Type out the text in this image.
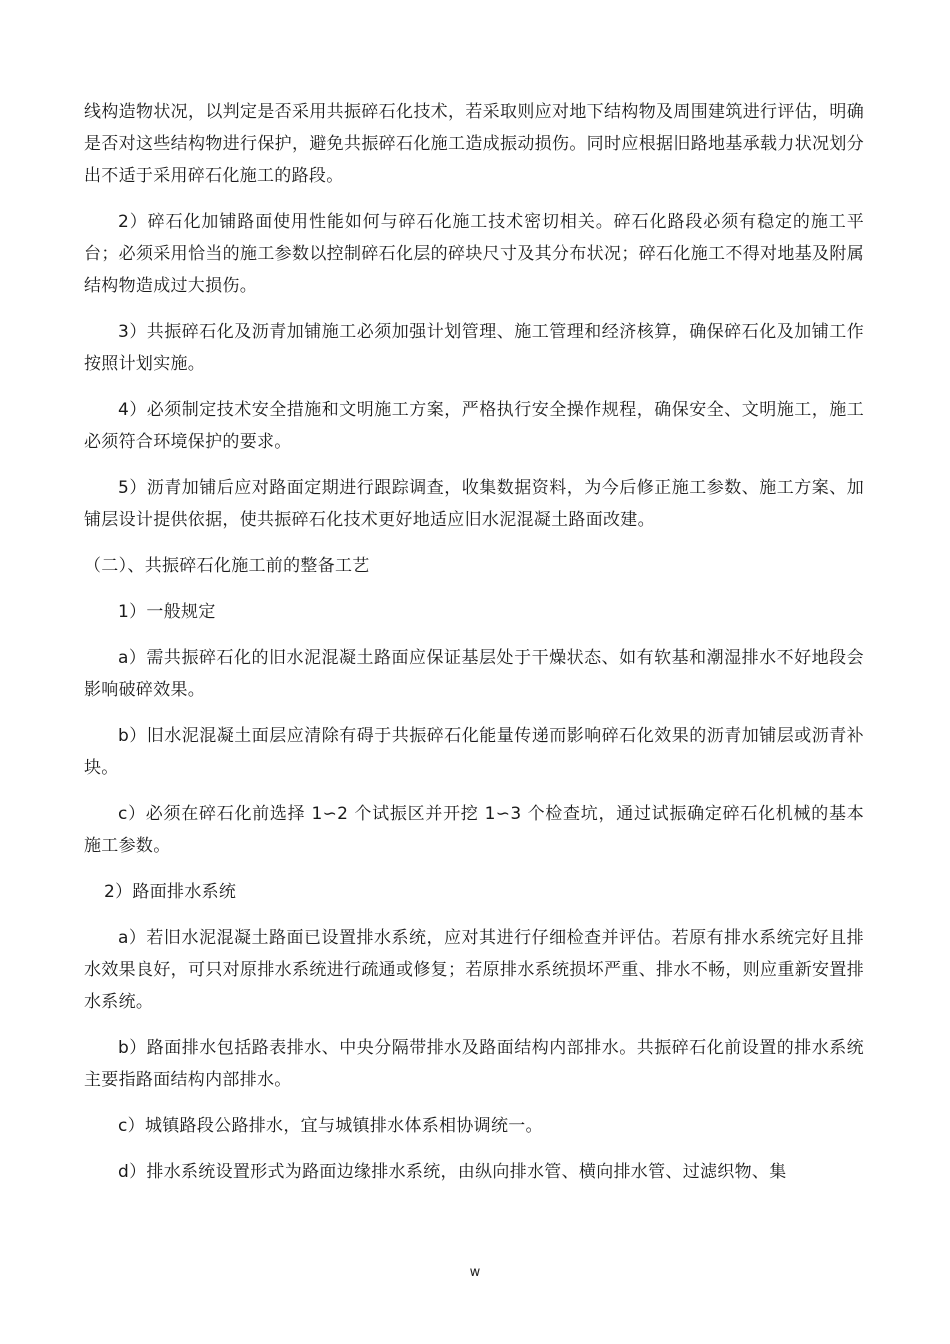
线构造物状况，以判定是否采用共振碎石化技术，若采取则应对地下结构物及周围建筑进行评估，明确是否对这些结构物进行保护，避免共振碎石化施工造成振动损伤。同时应根据旧路地基承载力状况划分出不适于采用碎石化施工的路段。

2）碎石化加铺路面使用性能如何与碎石化施工技术密切相关。碎石化路段必须有稳定的施工平台；必须采用恰当的施工参数以控制碎石化层的碎块尺寸及其分布状况；碎石化施工不得对地基及附属结构物造成过大损伤。

3）共振碎石化及沥青加铺施工必须加强计划管理、施工管理和经济核算，确保碎石化及加铺工作按照计划实施。

4）必须制定技术安全措施和文明施工方案，严格执行安全操作规程，确保安全、文明施工，施工必须符合环境保护的要求。

5）沥青加铺后应对路面定期进行跟踪调查，收集数据资料，为今后修正施工参数、施工方案、加铺层设计提供依据，使共振碎石化技术更好地适应旧水泥混凝土路面改建。

（二）、共振碎石化施工前的整备工艺

1）一般规定

a）需共振碎石化的旧水泥混凝土路面应保证基层处于干燥状态、如有软基和潮湿排水不好地段会影响破碎效果。

b）旧水泥混凝土面层应清除有碍于共振碎石化能量传递而影响碎石化效果的沥青加铺层或沥青补块。

c）必须在碎石化前选择 1∽2 个试振区并开挖 1∽3 个检查坑，通过试振确定碎石化机械的基本施工参数。

2）路面排水系统

a）若旧水泥混凝土路面已设置排水系统，应对其进行仔细检查并评估。若原有排水系统完好且排水效果良好，可只对原排水系统进行疏通或修复；若原排水系统损坏严重、排水不畅，则应重新安置排水系统。

b）路面排水包括路表排水、中央分隔带排水及路面结构内部排水。共振碎石化前设置的排水系统主要指路面结构内部排水。

c）城镇路段公路排水，宜与城镇排水体系相协调统一。

d）排水系统设置形式为路面边缘排水系统，由纵向排水管、横向排水管、过滤织物、集

w
